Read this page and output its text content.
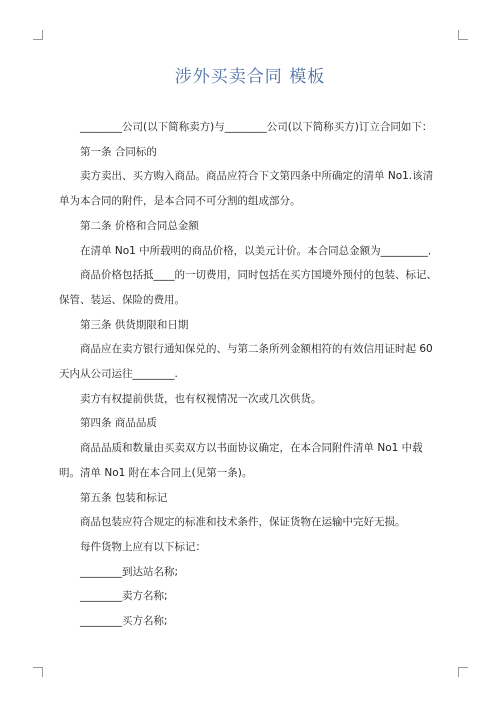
涉外买卖合同 模板

________公司(以下简称卖方)与________公司(以下简称买方)订立合同如下：

第一条 合同标的

卖方卖出、买方购入商品。商品应符合下文第四条中所确定的清单 No1.该清单为本合同的附件，是本合同不可分割的组成部分。

第二条 价格和合同总金额

在清单 No1 中所载明的商品价格，以美元计价。本合同总金额为_________．

商品价格包括抵____的一切费用，同时包括在买方国境外预付的包装、标记、保管、装运、保险的费用。

第三条 供货期限和日期

商品应在卖方银行通知保兑的、与第二条所列金额相符的有效信用证时起 60 天内从公司运往________.

卖方有权提前供货，也有权视情况一次或几次供货。

第四条 商品品质

商品品质和数量由买卖双方以书面协议确定，在本合同附件清单 No1 中载明。清单 No1 附在本合同上(见第一条)。

第五条 包装和标记

商品包装应符合规定的标准和技术条件，保证货物在运输中完好无损。

每件货物上应有以下标记：

________到达站名称;

________卖方名称;

________买方名称;
